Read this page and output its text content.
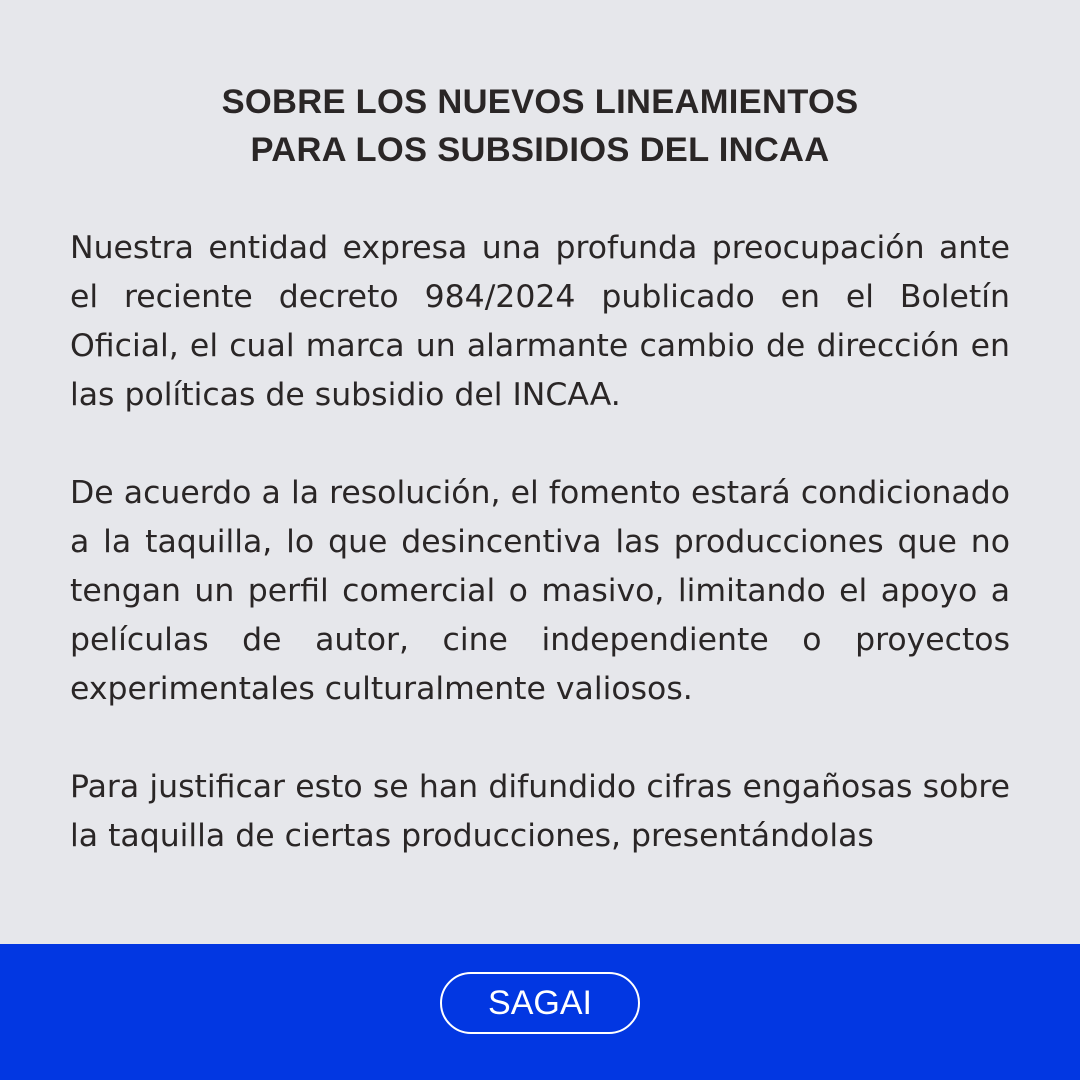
SOBRE LOS NUEVOS LINEAMIENTOS
PARA LOS SUBSIDIOS DEL INCAA

Nuestra entidad expresa una profunda preocupación ante el reciente decreto 984/2024 publicado en el Boletín Oficial, el cual marca un alarmante cambio de dirección en las políticas de subsidio del INCAA.

De acuerdo a la resolución, el fomento estará condicionado a la taquilla, lo que desincentiva las producciones que no tengan un perfil comercial o masivo, limitando el apoyo a películas de autor, cine independiente o proyectos experimentales culturalmente valiosos.

Para justificar esto se han difundido cifras engañosas sobre la taquilla de ciertas producciones, presentándolas

SAGAI
